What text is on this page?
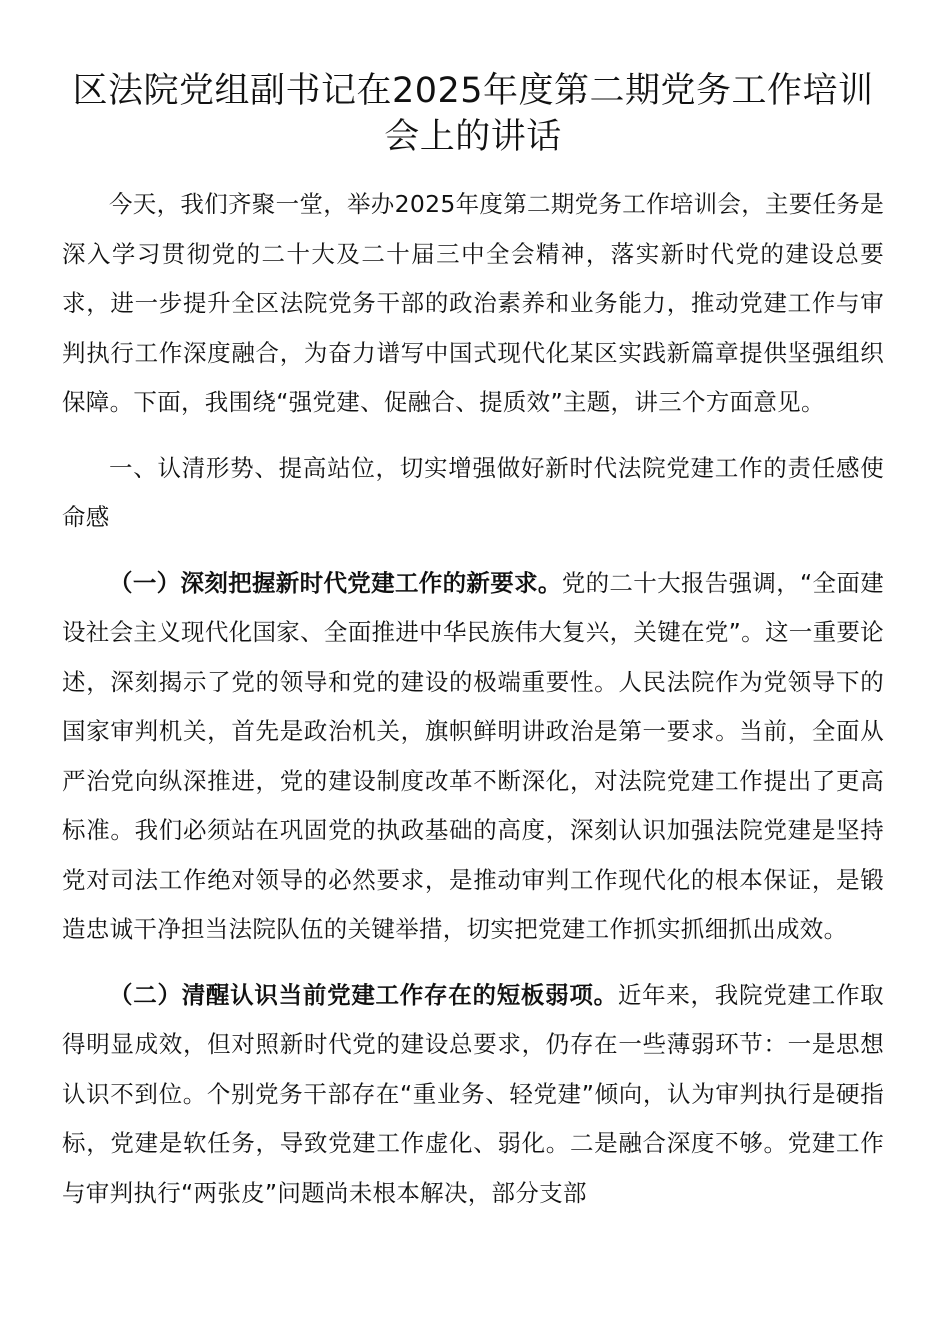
区法院党组副书记在2025年度第二期党务工作培训
会上的讲话

今天，我们齐聚一堂，举办2025年度第二期党务工作培训会，主要任务是深入学习贯彻党的二十大及二十届三中全会精神，落实新时代党的建设总要求，进一步提升全区法院党务干部的政治素养和业务能力，推动党建工作与审判执行工作深度融合，为奋力谱写中国式现代化某区实践新篇章提供坚强组织保障。下面，我围绕“强党建、促融合、提质效”主题，讲三个方面意见。

一、认清形势、提高站位，切实增强做好新时代法院党建工作的责任感使命感

（一）深刻把握新时代党建工作的新要求。党的二十大报告强调，“全面建设社会主义现代化国家、全面推进中华民族伟大复兴，关键在党”。这一重要论述，深刻揭示了党的领导和党的建设的极端重要性。人民法院作为党领导下的国家审判机关，首先是政治机关，旗帜鲜明讲政治是第一要求。当前，全面从严治党向纵深推进，党的建设制度改革不断深化，对法院党建工作提出了更高标准。我们必须站在巩固党的执政基础的高度，深刻认识加强法院党建是坚持党对司法工作绝对领导的必然要求，是推动审判工作现代化的根本保证，是锻造忠诚干净担当法院队伍的关键举措，切实把党建工作抓实抓细抓出成效。

（二）清醒认识当前党建工作存在的短板弱项。近年来，我院党建工作取得明显成效，但对照新时代党的建设总要求，仍存在一些薄弱环节：一是思想认识不到位。个别党务干部存在“重业务、轻党建”倾向，认为审判执行是硬指标，党建是软任务，导致党建工作虚化、弱化。二是融合深度不够。党建工作与审判执行“两张皮”问题尚未根本解决，部分支部
